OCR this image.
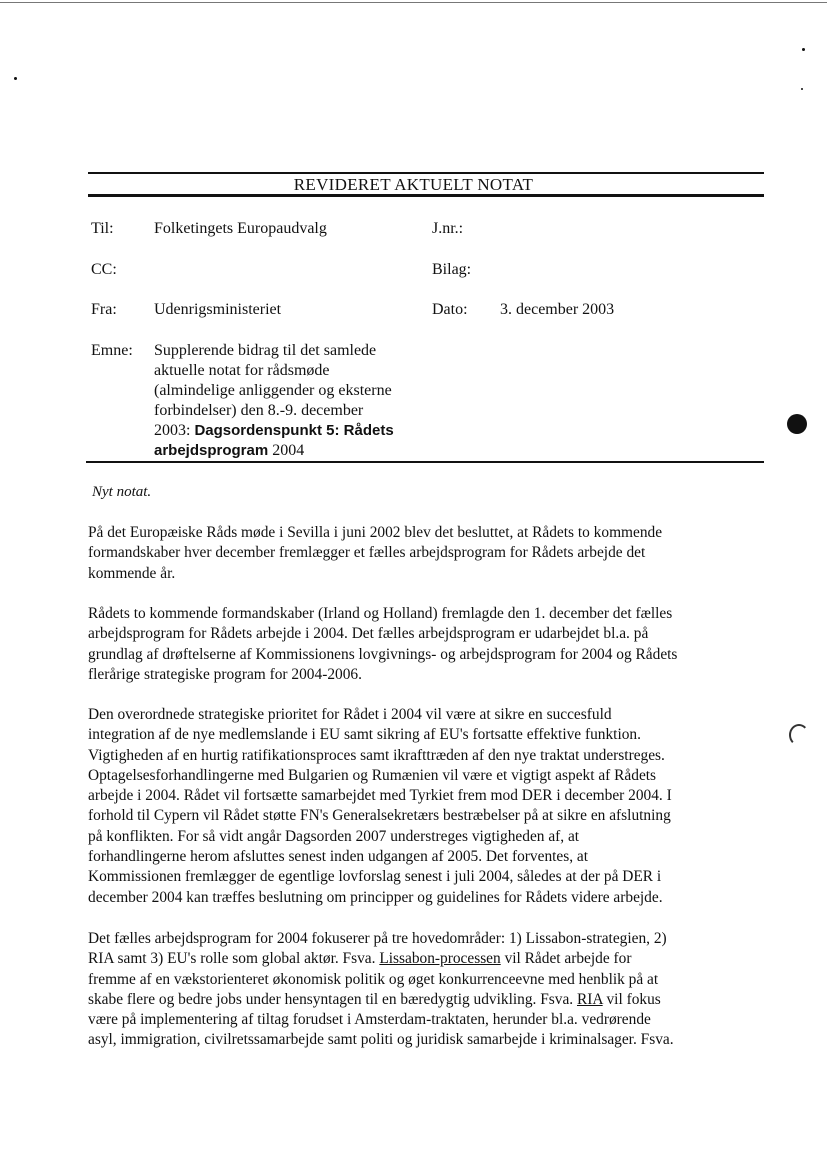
REVIDERET AKTUELT NOTAT
Til:	Folketingets Europaudvalg
CC:
Fra: Udenrigsministeriet
J.nr.:
Bilag:
Dato: 3. december 2003
Emne: Supplerende bidrag til det samlede
aktuelle notat for rådsmøde
(almindelige anliggender og eksterne
forbindelser) den 8.-9. december
2003: Dagsordenspunkt 5: Rådets
arbejdsprogram 2004
Nyt notat.

På det Europæiske Råds møde i Sevilla i juni 2002 blev det besluttet, at Rådets to kommende

formandskaber hver december fremlægger et fælles arbejdsprogram for Rådets arbejde det

kommende år.

Rådets to kommende formandskaber (Irland og Holland) fremlagde den 1. december det fælles

arbejdsprogram for Rådets arbejde i 2004. Det fælles arbejdsprogram er udarbejdet bl.a. på

grundlag af drøftelserne af Kommissionens lovgivnings- og arbejdsprogram for 2004 og Rådets

flerårige strategiske program for 2004-2006.

Den overordnede strategiske prioritet for Rådet i 2004 vil være at sikre en succesfuld

integration af de nye medlemslande i EU samt sikring af EU's fortsatte effektive funktion.

Vigtigheden af en hurtig ratifikationsproces samt ikrafttræden af den nye traktat understreges.

Optagelsesforhandlingerne med Bulgarien og Rumænien vil være et vigtigt aspekt af Rådets

arbejde i 2004. Rådet vil fortsætte samarbejdet med Tyrkiet frem mod DER i december 2004. I

forhold til Cypern vil Rådet støtte FN's Generalsekretærs bestræbelser på at sikre en afslutning

på konflikten. For så vidt angår Dagsorden 2007 understreges vigtigheden af, at

forhandlingerne herom afsluttes senest inden udgangen af 2005. Det forventes, at

Kommissionen fremlægger de egentlige lovforslag senest i juli 2004, således at der på DER i

december 2004 kan træffes beslutning om principper og guidelines for Rådets videre arbejde.

Det fælles arbejdsprogram for 2004 fokuserer på tre hovedområder: 1) Lissabon-strategien, 2)

RIA samt 3) EU's rolle som global aktør. Fsva. Lissabon-processen vil Rådet arbejde for

fremme af en vækstorienteret økonomisk politik og øget konkurrenceevne med henblik på at

skabe flere og bedre jobs under hensyntagen til en bæredygtig udvikling. Fsva. RIA vil fokus

være på implementering af tiltag forudset i Amsterdam-traktaten, herunder bl.a. vedrørende

asyl, immigration, civilretssamarbejde samt politi og juridisk samarbejde i kriminalsager. Fsva.
